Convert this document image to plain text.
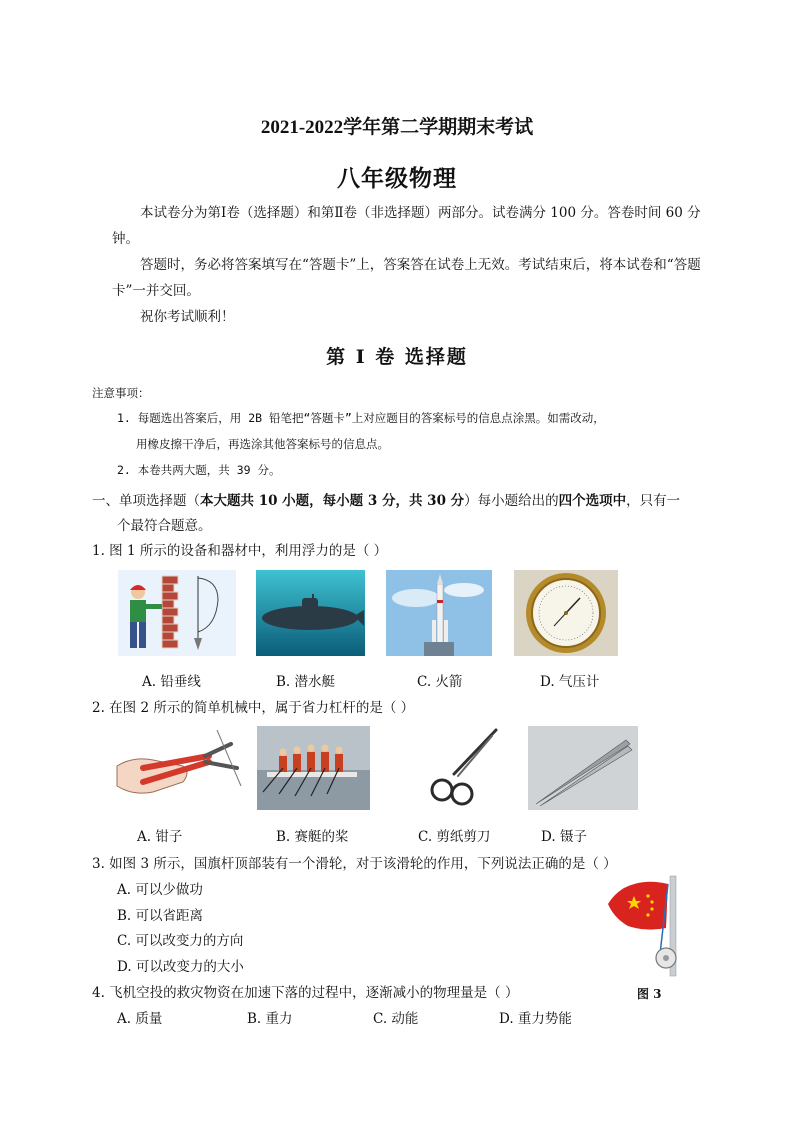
2021-2022学年第二学期期末考试
八年级物理
本试卷分为第Ⅰ卷（选择题）和第Ⅱ卷（非选择题）两部分。试卷满分 100 分。答卷时间 60 分钟。
答题时，务必将答案填写在“答题卡”上，答案答在试卷上无效。考试结束后，将本试卷和“答题卡”一并交回。
祝你考试顺利！
第 Ⅰ 卷 选择题
注意事项：
1. 每题选出答案后，用 2B 铅笔把“答题卡”上对应题目的答案标号的信息点涂黑。如需改动，
用橡皮擦干净后，再选涂其他答案标号的信息点。
2. 本卷共两大题，共 39 分。
一、单项选择题（本大题共 10 小题，每小题 3 分，共 30 分）每小题给出的四个选项中，只有一
个最符合题意。
1. 图 1 所示的设备和器材中，利用浮力的是（ ）
A. 铅垂线	B. 潜水艇	C. 火箭	D. 气压计
2. 在图 2 所示的简单机械中，属于省力杠杆的是（ ）
A. 钳子	B. 赛艇的桨	C. 剪纸剪刀	D. 镊子
3. 如图 3 所示，国旗杆顶部装有一个滑轮，对于该滑轮的作用，下列说法正确的是（ ）
A. 可以少做功
B. 可以省距离
C. 可以改变力的方向
D. 可以改变力的大小
图 3
4. 飞机空投的救灾物资在加速下落的过程中，逐渐减小的物理量是（ ）
A. 质量	B. 重力	C. 动能	D. 重力势能
